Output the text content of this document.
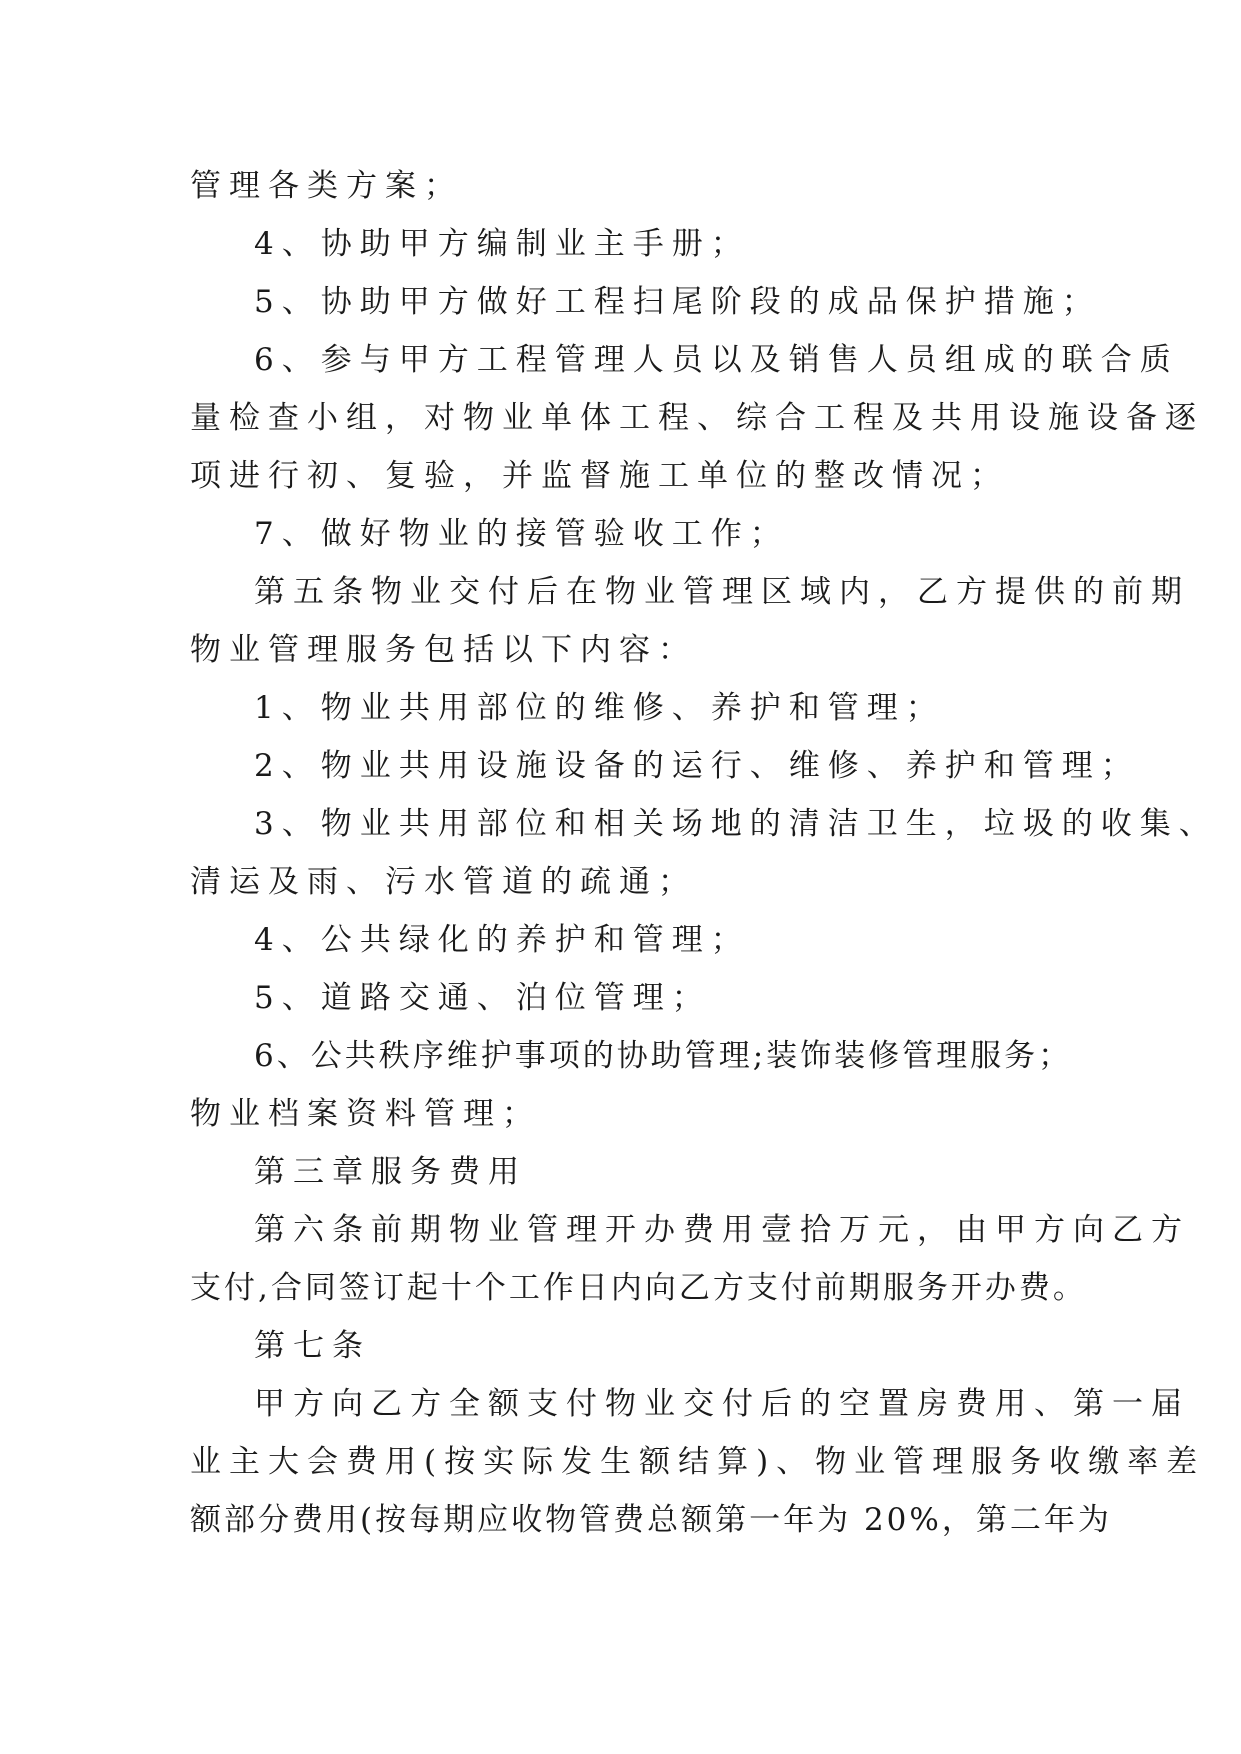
管理各类方案；
4、协助甲方编制业主手册；
5、协助甲方做好工程扫尾阶段的成品保护措施；
6、参与甲方工程管理人员以及销售人员组成的联合质
量检查小组，对物业单体工程、综合工程及共用设施设备逐
项进行初、复验，并监督施工单位的整改情况；
7、做好物业的接管验收工作；
第五条物业交付后在物业管理区域内，乙方提供的前期
物业管理服务包括以下内容：
1、物业共用部位的维修、养护和管理；
2、物业共用设施设备的运行、维修、养护和管理；
3、物业共用部位和相关场地的清洁卫生，垃圾的收集、
清运及雨、污水管道的疏通；
4、公共绿化的养护和管理；
5、道路交通、泊位管理；
6、公共秩序维护事项的协助管理;装饰装修管理服务；
物业档案资料管理；
第三章服务费用
第六条前期物业管理开办费用壹拾万元，由甲方向乙方
支付,合同签订起十个工作日内向乙方支付前期服务开办费。
第七条
甲方向乙方全额支付物业交付后的空置房费用、第一届
业主大会费用(按实际发生额结算)、物业管理服务收缴率差
额部分费用(按每期应收物管费总额第一年为 20%，第二年为
